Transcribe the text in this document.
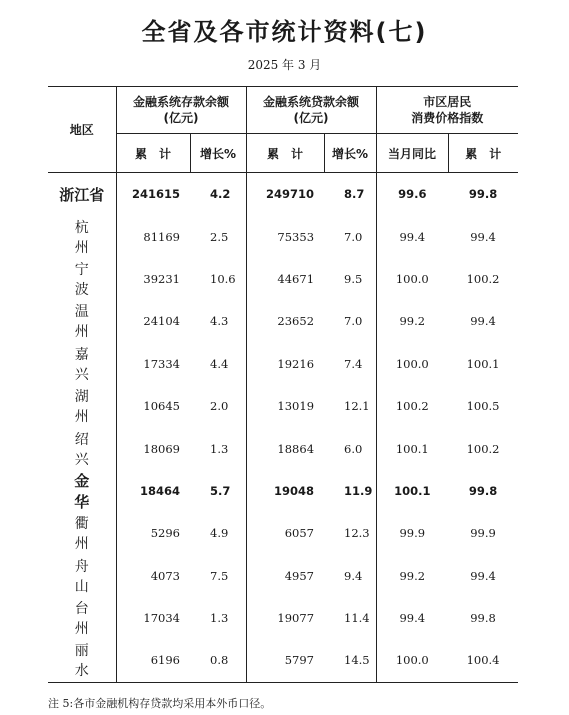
全省及各市统计资料(七)
2025 年 3 月
地区	金融系统存款余额
(亿元)		金融系统贷款余额
(亿元)		市区居民
消费价格指数	
	累　计	增长%	累　计	增长%	当月同比	累　计
浙江省	241615	4.2	249710	8.7	99.6	99.8
杭州	81169	2.5	75353	7.0	99.4	99.4
宁波	39231	10.6	44671	9.5	100.0	100.2
温州	24104	4.3	23652	7.0	99.2	99.4
嘉兴	17334	4.4	19216	7.4	100.0	100.1
湖州	10645	2.0	13019	12.1	100.2	100.5
绍兴	18069	1.3	18864	6.0	100.1	100.2
金华	18464	5.7	19048	11.9	100.1	99.8
衢州	5296	4.9	6057	12.3	99.9	99.9
舟山	4073	7.5	4957	9.4	99.2	99.4
台州	17034	1.3	19077	11.4	99.4	99.8
丽水	6196	0.8	5797	14.5	100.0	100.4
注 5:各市金融机构存贷款均采用本外币口径。
